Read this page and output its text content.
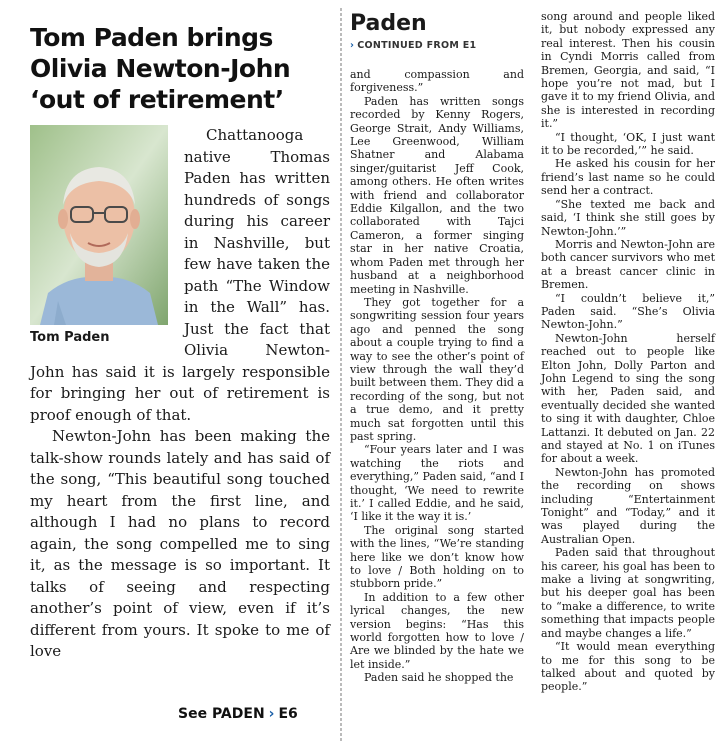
Tom Paden brings Olivia Newton-John ‘out of retirement’
Tom Paden

Chattanooga native Thomas Paden has written hundreds of songs during his career in Nashville, but few have taken the path “The Window in the Wall” has. Just the fact that Olivia Newton-John has said it is largely responsible for bringing her out of retirement is proof enough of that.

Newton-John has been making the talk-show rounds lately and has said of the song, “This beautiful song touched my heart from the first line, and although I had no plans to record again, the song compelled me to sing it, as the message is so important. It talks of seeing and respecting another’s point of view, even if it’s different from yours. It spoke to me of love

See PADEN › E6
Paden
› CONTINUED FROM E1

and compassion and forgiveness.”

Paden has written songs recorded by Kenny Rogers, George Strait, Andy Williams, Lee Greenwood, William Shatner and Alabama singer/guitarist Jeff Cook, among others. He often writes with friend and collaborator Eddie Kilgallon, and the two collaborated with Tajci Cameron, a former singing star in her native Croatia, whom Paden met through her husband at a neighborhood meeting in Nashville.

They got together for a songwriting session four years ago and penned the song about a couple trying to find a way to see the other’s point of view through the wall they’d built between them. They did a recording of the song, but not a true demo, and it pretty much sat forgotten until this past spring.

“Four years later and I was watching the riots and everything,” Paden said, “and I thought, ‘We need to rewrite it.’ I called Eddie, and he said, ‘I like it the way it is.’

The original song started with the lines, “We’re standing here like we don’t know how to love / Both holding on to stubborn pride.”

In addition to a few other lyrical changes, the new version begins: “Has this world forgotten how to love / Are we blinded by the hate we let inside.”

Paden said he shopped the

song around and people liked it, but nobody expressed any real interest. Then his cousin in Cyndi Morris called from Bremen, Georgia, and said, “I hope you’re not mad, but I gave it to my friend Olivia, and she is interested in recording it.”

“I thought, ‘OK, I just want it to be recorded,’” he said.

He asked his cousin for her friend’s last name so he could send her a contract.

“She texted me back and said, ‘I think she still goes by Newton-John.’”

Morris and Newton-John are both cancer survivors who met at a breast cancer clinic in Bremen.

“I couldn’t believe it,” Paden said. “She’s Olivia Newton-John.”

Newton-John herself reached out to people like Elton John, Dolly Parton and John Legend to sing the song with her, Paden said, and eventually decided she wanted to sing it with daughter, Chloe Lattanzi. It debuted on Jan. 22 and stayed at No. 1 on iTunes for about a week.

Newton-John has promoted the recording on shows including “Entertainment Tonight” and “Today,” and it was played during the Australian Open.

Paden said that throughout his career, his goal has been to make a living at songwriting, but his deeper goal has been to “make a difference, to write something that impacts people and maybe changes a life.”

“It would mean everything to me for this song to be talked about and quoted by people.”
